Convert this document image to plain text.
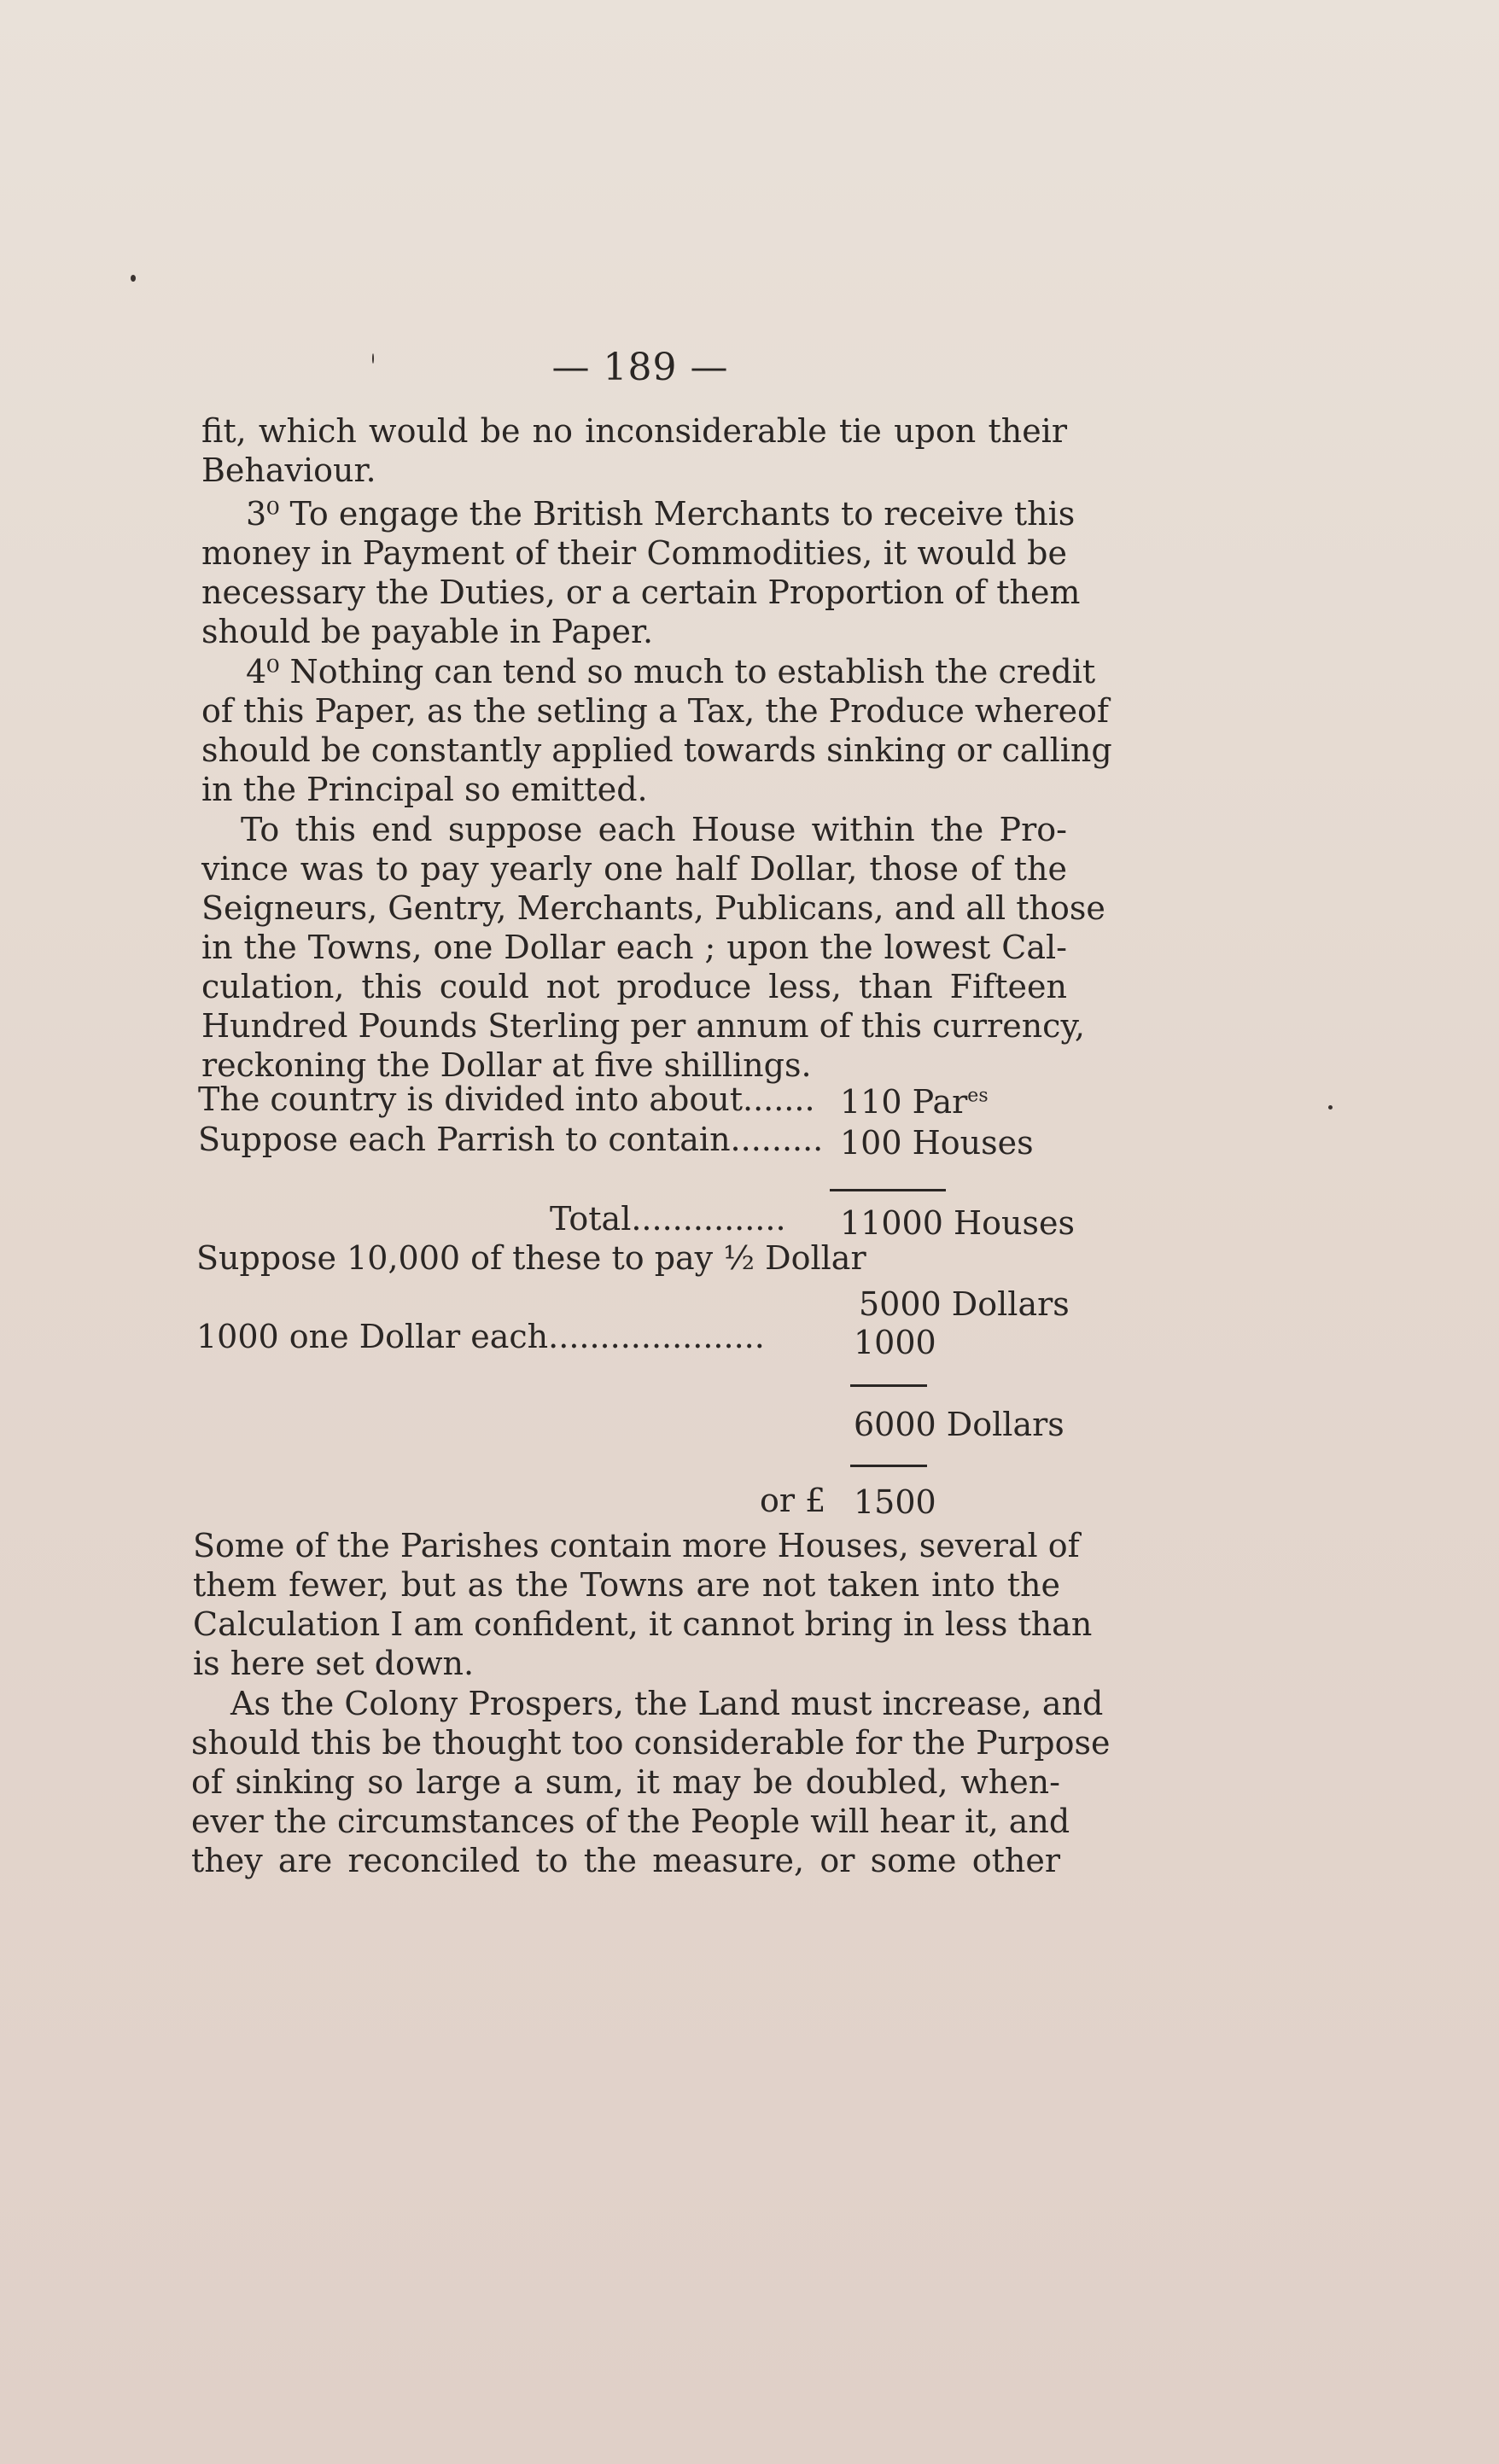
— 189 —
fit, which would be no inconsiderable tie upon their
Behaviour.
3⁰ To engage the British Merchants to receive this
money in Payment of their Commodities, it would be
necessary the Duties, or a certain Proportion of them
should be payable in Paper.
4⁰ Nothing can tend so much to establish the credit
of this Paper, as the setling a Tax, the Produce whereof
should be constantly applied towards sinking or calling
in the Principal so emitted.
To this end suppose each House within the Pro-
vince was to pay yearly one half Dollar, those of the
Seigneurs, Gentry, Merchants, Publicans, and all those
in the Towns, one Dollar each ; upon the lowest Cal-
culation, this could not produce less, than Fifteen
Hundred Pounds Sterling per annum of this currency,
reckoning the Dollar at five shillings.
The country is divided into about....... 110 Par$^{es}$
Suppose each Parrish to contain......... 100 Houses
Total............... 11000 Houses
Suppose 10,000 of these to pay ½ Dollar
5000 Dollars
1000 one Dollar each.....................	1000
6000 Dollars
or £ 1500
Some of the Parishes contain more Houses, several of
them fewer, but as the Towns are not taken into the
Calculation I am confident, it cannot bring in less than
is here set down.
As the Colony Prospers, the Land must increase, and
should this be thought too considerable for the Purpose
of sinking so large a sum, it may be doubled, when-
ever the circumstances of the People will hear it, and
they are reconciled to the measure, or some other
